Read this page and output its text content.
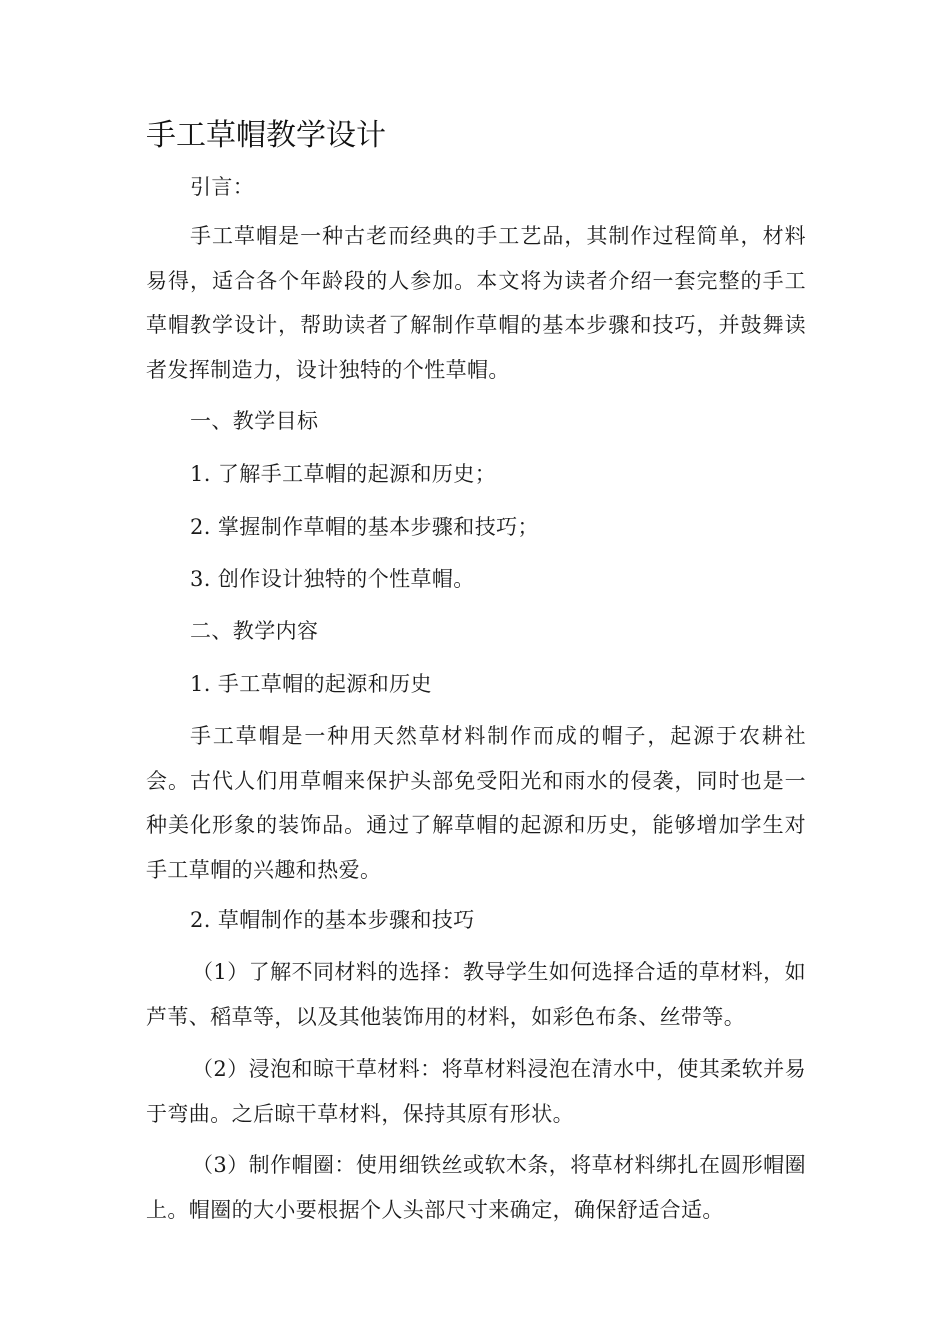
手工草帽教学设计

引言：

手工草帽是一种古老而经典的手工艺品，其制作过程简单，材料易得，适合各个年龄段的人参加。本文将为读者介绍一套完整的手工草帽教学设计，帮助读者了解制作草帽的基本步骤和技巧，并鼓舞读者发挥制造力，设计独特的个性草帽。

一、教学目标

1. 了解手工草帽的起源和历史；

2. 掌握制作草帽的基本步骤和技巧；

3. 创作设计独特的个性草帽。

二、教学内容

1. 手工草帽的起源和历史

手工草帽是一种用天然草材料制作而成的帽子，起源于农耕社会。古代人们用草帽来保护头部免受阳光和雨水的侵袭，同时也是一种美化形象的装饰品。通过了解草帽的起源和历史，能够增加学生对手工草帽的兴趣和热爱。

2. 草帽制作的基本步骤和技巧

（1）了解不同材料的选择：教导学生如何选择合适的草材料，如芦苇、稻草等，以及其他装饰用的材料，如彩色布条、丝带等。

（2）浸泡和晾干草材料：将草材料浸泡在清水中，使其柔软并易于弯曲。之后晾干草材料，保持其原有形状。

（3）制作帽圈：使用细铁丝或软木条，将草材料绑扎在圆形帽圈上。帽圈的大小要根据个人头部尺寸来确定，确保舒适合适。
